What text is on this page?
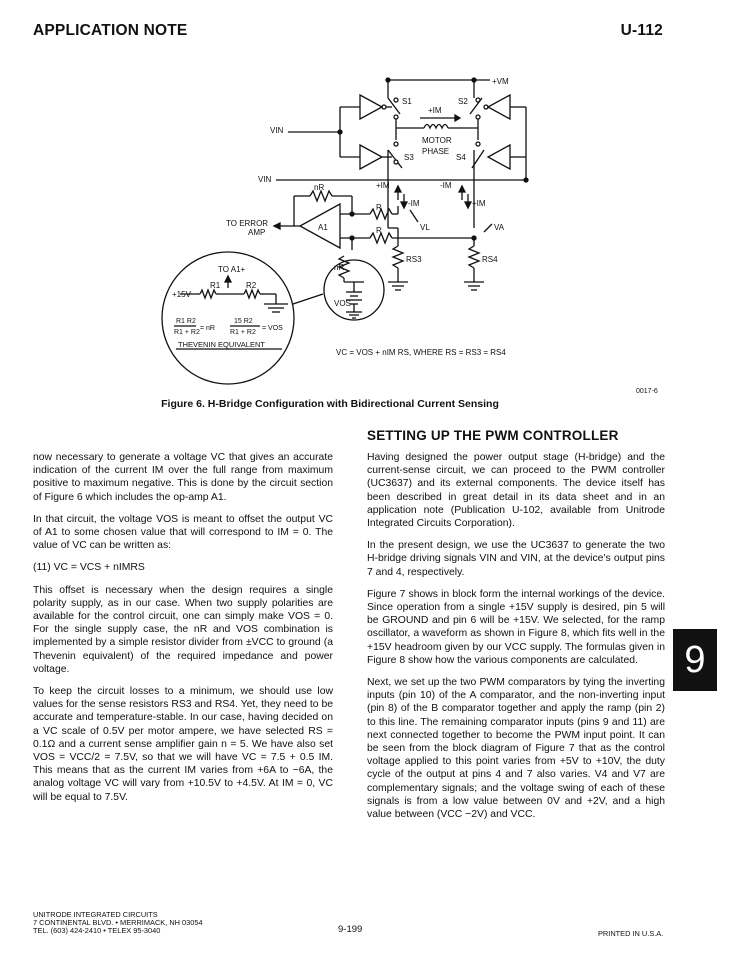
APPLICATION NOTE	U-112
+VM
S1	S2
S3	S4
+IM
MOTOR
PHASE
VIN
VIN
nR
R
R
TO ERROR
AMP
A1	VL	VA
RS3	RS4
+IM
-IM
-IM
+IM
nR
VOS
TO A1+
R1	R2
+15V
R1 R2
R1 + R2
= nR
15 R2
R1 + R2
= VOS
THEVENIN EQUIVALENT
VC = VOS + nIM RS, WHERE RS = RS3 = RS4
0017-6
Figure 6. H-Bridge Configuration with Bidirectional Current Sensing

now necessary to generate a voltage VC that gives an accurate indication of the current IM over the full range from maximum positive to maximum negative. This is done by the circuit section of Figure 6 which includes the op-amp A1.

In that circuit, the voltage VOS is meant to offset the output VC of A1 to some chosen value that will correspond to IM = 0. The value of VC can be written as:

(11) VC = VCS + nIMRS

This offset is necessary when the design requires a single polarity supply, as in our case. When two supply polarities are available for the control circuit, one can simply make VOS = 0. For the single supply case, the nR and VOS combination is implemented by a simple resistor divider from ±VCC to ground (a Thevenin equivalent) of the required impedance and power voltage.

To keep the circuit losses to a minimum, we should use low values for the sense resistors RS3 and RS4. Yet, they need to be accurate and temperature-stable. In our case, having decided on a VC scale of 0.5V per motor ampere, we have selected RS = 0.1Ω and a current sense amplifier gain n = 5. We have also set VOS = VCC/2 = 7.5V, so that we will have VC = 7.5 + 0.5 IM. This means that as the current IM varies from +6A to −6A, the analog voltage VC will vary from +10.5V to +4.5V. At IM = 0, VC will be equal to 7.5V.

SETTING UP THE PWM CONTROLLER

Having designed the power output stage (H-bridge) and the current-sense circuit, we can proceed to the PWM controller (UC3637) and its external components. The device itself has been described in great detail in its data sheet and in an application note (Publication U-102, available from Unitrode Integrated Circuits Corporation).

In the present design, we use the UC3637 to generate the two H-bridge driving signals VIN and VIN, at the device's output pins 7 and 4, respectively.

Figure 7 shows in block form the internal workings of the device. Since operation from a single +15V supply is desired, pin 5 will be GROUND and pin 6 will be +15V. We selected, for the ramp oscillator, a waveform as shown in Figure 8, which fits well in the +15V headroom given by our VCC supply. The formulas given in Figure 8 show how the various components are calculated.

Next, we set up the two PWM comparators by tying the inverting inputs (pin 10) of the A comparator, and the non-inverting input (pin 8) of the B comparator together and apply the ramp (pin 2) to this line. The remaining comparator inputs (pins 9 and 11) are next connected together to become the PWM input point. It can be seen from the block diagram of Figure 7 that as the control voltage applied to this point varies from +5V to +10V, the duty cycle of the output at pins 4 and 7 also varies. V4 and V7 are complementary signals; and the voltage swing of each of these signals is from a low value between 0V and +2V, and a high value between (VCC −2V) and VCC.

9
UNITRODE INTEGRATED CIRCUITS
7 CONTINENTAL BLVD. • MERRIMACK, NH 03054
TEL. (603) 424-2410 • TELEX 95-3040	9-199	PRINTED IN U.S.A.
